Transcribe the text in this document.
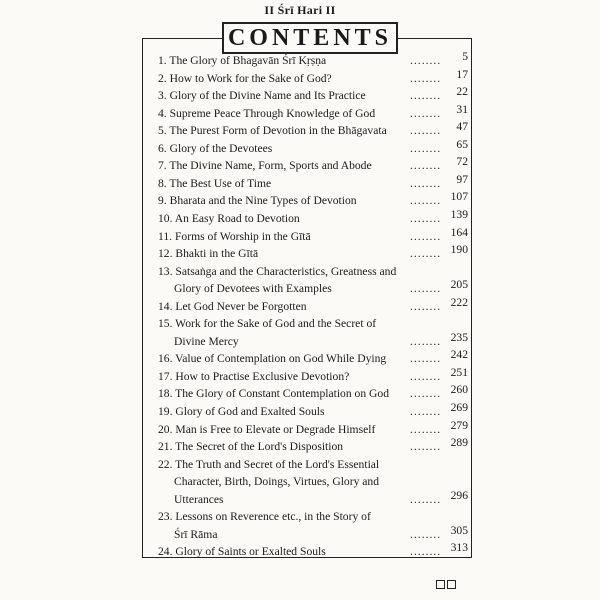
II Śrī Hari II
CONTENTS
1. The Glory of Bhagavān Śrī Kṛṣṇa	........ 5
2. How to Work for the Sake of God?	........ 17
3. Glory of the Divine Name and Its Practice	........ 22
4. Supreme Peace Through Knowledge of God	........ 31
5. The Purest Form of Devotion in the Bhāgavata ........ 47
6. Glory of the Devotees	........ 65
7. The Divine Name, Form, Sports and Abode	........ 72
8. The Best Use of Time	........ 97
9. Bharata and the Nine Types of Devotion	........ 107
10. An Easy Road to Devotion	........ 139
11. Forms of Worship in the Gītā	........ 164
12. Bhakti in the Gītā	........ 190
13. Satsaṅga and the Characteristics, Greatness and
Glory of Devotees with Examples	........ 205
14. Let God Never be Forgotten	........ 222
15. Work for the Sake of God and the Secret of
Divine Mercy	........ 235
16. Value of Contemplation on God While Dying ........ 242
17. How to Practise Exclusive Devotion?	........ 251
18. The Glory of Constant Contemplation on God ........ 260
19. Glory of God and Exalted Souls	........ 269
20. Man is Free to Elevate or Degrade Himself	........ 279
21. The Secret of the Lord's Disposition	........ 289
22. The Truth and Secret of the Lord's Essential
Character, Birth, Doings, Virtues, Glory and
Utterances	........ 296
23. Lessons on Reverence etc., in the Story of
Śrī Rāma	........ 305
24. Glory of Saints or Exalted Souls	........ 313
